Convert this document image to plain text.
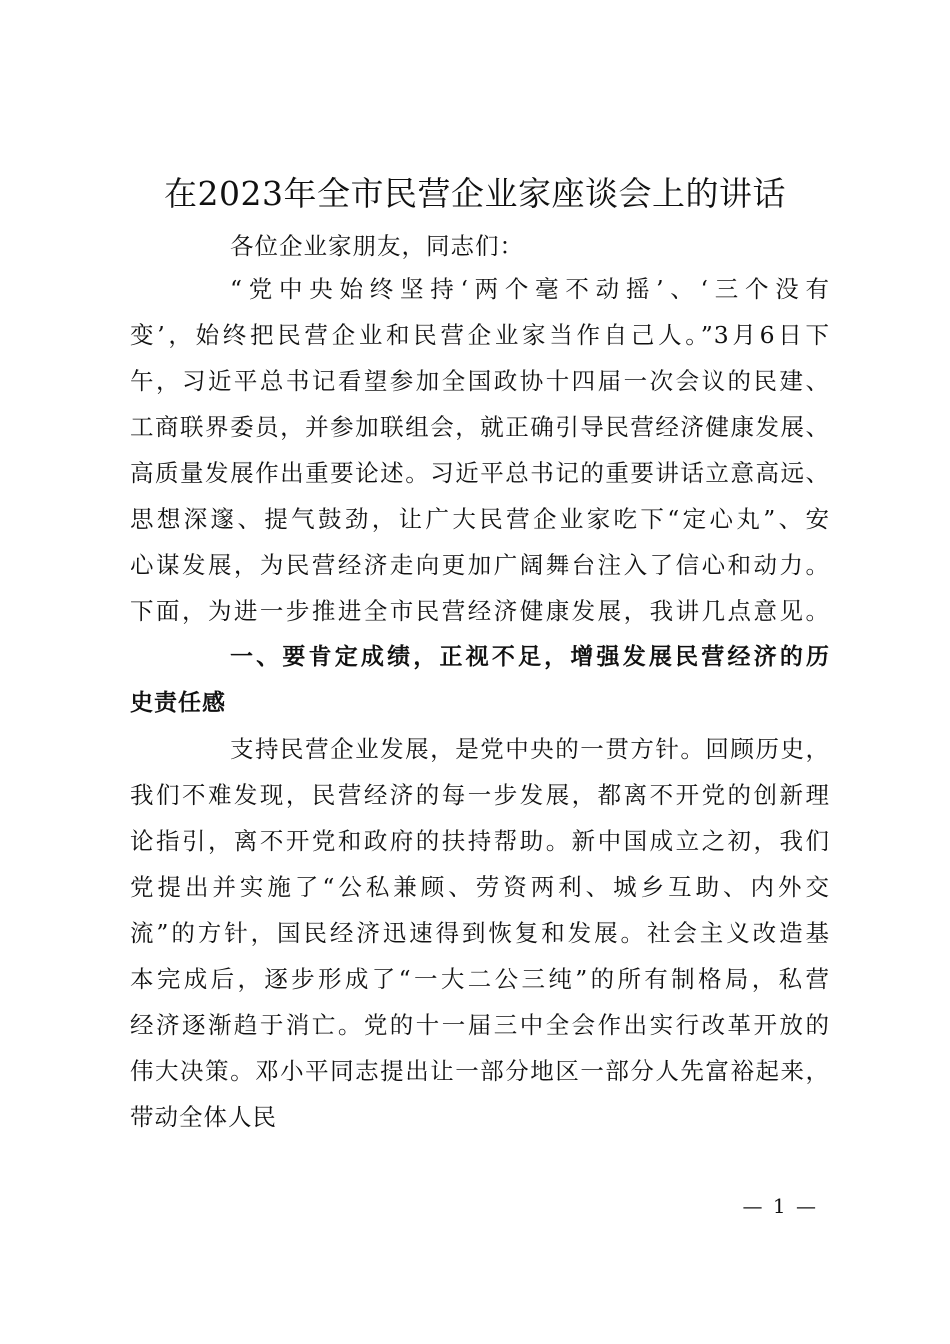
在2023年全市民营企业家座谈会上的讲话

各位企业家朋友，同志们：

“党中央始终坚持‘两个毫不动摇’、‘三个没有

变’，始终把民营企业和民营企业家当作自己人。”3月6日下

午，习近平总书记看望参加全国政协十四届一次会议的民建、

工商联界委员，并参加联组会，就正确引导民营经济健康发展、

高质量发展作出重要论述。习近平总书记的重要讲话立意高远、

思想深邃、提气鼓劲，让广大民营企业家吃下“定心丸”、安

心谋发展，为民营经济走向更加广阔舞台注入了信心和动力。

下面，为进一步推进全市民营经济健康发展，我讲几点意见。

一、要肯定成绩，正视不足，增强发展民营经济的历

史责任感

支持民营企业发展，是党中央的一贯方针。回顾历史，

我们不难发现，民营经济的每一步发展，都离不开党的创新理

论指引，离不开党和政府的扶持帮助。新中国成立之初，我们

党提出并实施了“公私兼顾、劳资两利、城乡互助、内外交

流”的方针，国民经济迅速得到恢复和发展。社会主义改造基

本完成后，逐步形成了“一大二公三纯”的所有制格局，私营

经济逐渐趋于消亡。党的十一届三中全会作出实行改革开放的

伟大决策。邓小平同志提出让一部分地区一部分人先富裕起来，

带动全体人民

— 1 —
